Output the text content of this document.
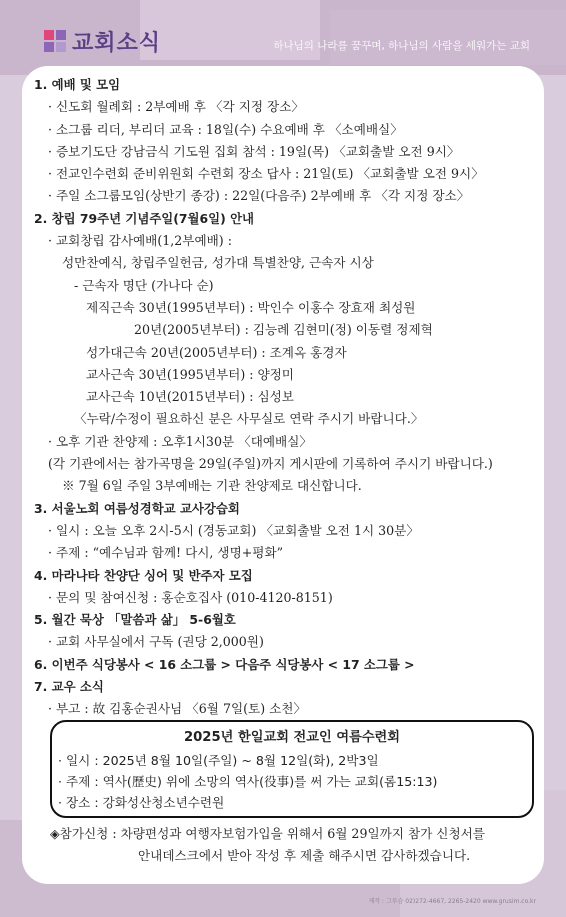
교회소식	하나님의 나라를 꿈꾸며, 하나님의 사람을 세워가는 교회
1. 예배 및 모임
· 신도회 월례회 : 2부예배 후 〈각 지정 장소〉
· 소그룹 리더, 부리더 교육 : 18일(수) 수요예배 후 〈소예배실〉
· 증보기도단 강남금식 기도원 집회 참석 : 19일(목) 〈교회출발 오전 9시〉
· 전교인수련회 준비위원회 수련회 장소 답사 : 21일(토) 〈교회출발 오전 9시〉
· 주일 소그룹모임(상반기 종강) : 22일(다음주) 2부예배 후 〈각 지정 장소〉
2. 창립 79주년 기념주일(7월6일) 안내
· 교회창립 감사예배(1,2부예배) :
성만찬예식, 창립주일헌금, 성가대 특별찬양, 근속자 시상
- 근속자 명단 (가나다 순)
제직근속 30년(1995년부터) : 박인수 이홍수 장효재 최성원
20년(2005년부터) : 김능례 김현미(정) 이동렬 정제혁
성가대근속 20년(2005년부터) : 조계옥 홍경자
교사근속 30년(1995년부터) : 양정미
교사근속 10년(2015년부터) : 심성보
〈누락/수정이 필요하신 분은 사무실로 연락 주시기 바랍니다.〉
· 오후 기관 찬양제 : 오후1시30분 〈대예배실〉
(각 기관에서는 참가곡명을 29일(주일)까지 게시판에 기록하여 주시기 바랍니다.)
※ 7월 6일 주일 3부예배는 기관 찬양제로 대신합니다.
3. 서울노회 여름성경학교 교사강습회
· 일시 : 오늘 오후 2시-5시 (경동교회) 〈교회출발 오전 1시 30분〉
· 주제 : “예수님과 함께! 다시, 생명+평화”
4. 마라나타 찬양단 싱어 및 반주자 모집
· 문의 및 참여신청 : 홍순호집사 (010-4120-8151)
5. 월간 묵상 「말씀과 삶」 5-6월호
· 교회 사무실에서 구독 (권당 2,000원)
6. 이번주 식당봉사 < 16 소그룹 > 다음주 식당봉사 < 17 소그룹 >
7. 교우 소식
· 부고 : 故 김홍순권사님 〈6월 7일(토) 소천〉
2025년 한일교회 전교인 여름수련회
· 일시 : 2025년 8월 10일(주일) ~ 8월 12일(화), 2박3일
· 주제 : 역사(歷史) 위에 소망의 역사(役事)를 써 가는 교회(롬15:13)
· 장소 : 강화성산청소년수련원
◈참가신청 : 차량편성과 여행자보험가입을 위해서 6월 29일까지 참가 신청서를
안내데스크에서 받아 작성 후 제출 해주시면 감사하겠습니다.
제작 : 그루슴 02)272-4667, 2265-2420 www.grusim.co.kr
